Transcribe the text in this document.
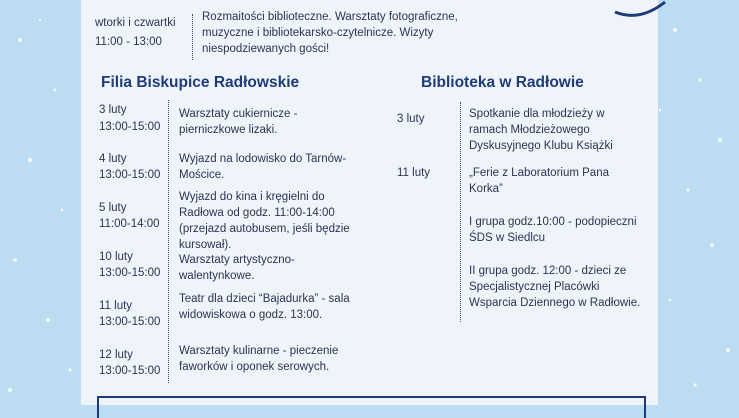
wtorki i czwartki
11:00 - 13:00
Rozmaitości biblioteczne. Warsztaty fotograficzne,
muzyczne i bibliotekarsko-czytelnicze. Wizyty
niespodziewanych gości!
Filia Biskupice Radłowskie
3 luty
13:00-15:00
Warsztaty cukiernicze -
pierniczkowe lizaki.
4 luty
13:00-15:00
Wyjazd na lodowisko do Tarnów-
Mościce.
5 luty
11:00-14:00
Wyjazd do kina i kręgielni do
Radłowa od godz. 11:00-14:00
(przejazd autobusem, jeśli będzie
kursował).
10 luty
13:00-15:00
Warsztaty artystyczno-
walentynkowe.
11 luty
13:00-15:00
Teatr dla dzieci “Bajadurka” - sala
widowiskowa o godz. 13:00.
12 luty
13:00-15:00
Warsztaty kulinarne - pieczenie
faworków i oponek serowych.
Biblioteka w Radłowie
3 luty	Spotkanie dla młodzieży w
ramach Młodzieżowego
Dyskusyjnego Klubu Książki
11 luty	„Ferie z Laboratorium Pana
Korka”
I grupa godz.10:00 - podopieczni
ŚDS w Siedlcu
II grupa godz. 12:00 - dzieci ze
Specjalistycznej Placówki
Wsparcia Dziennego w Radłowie.
